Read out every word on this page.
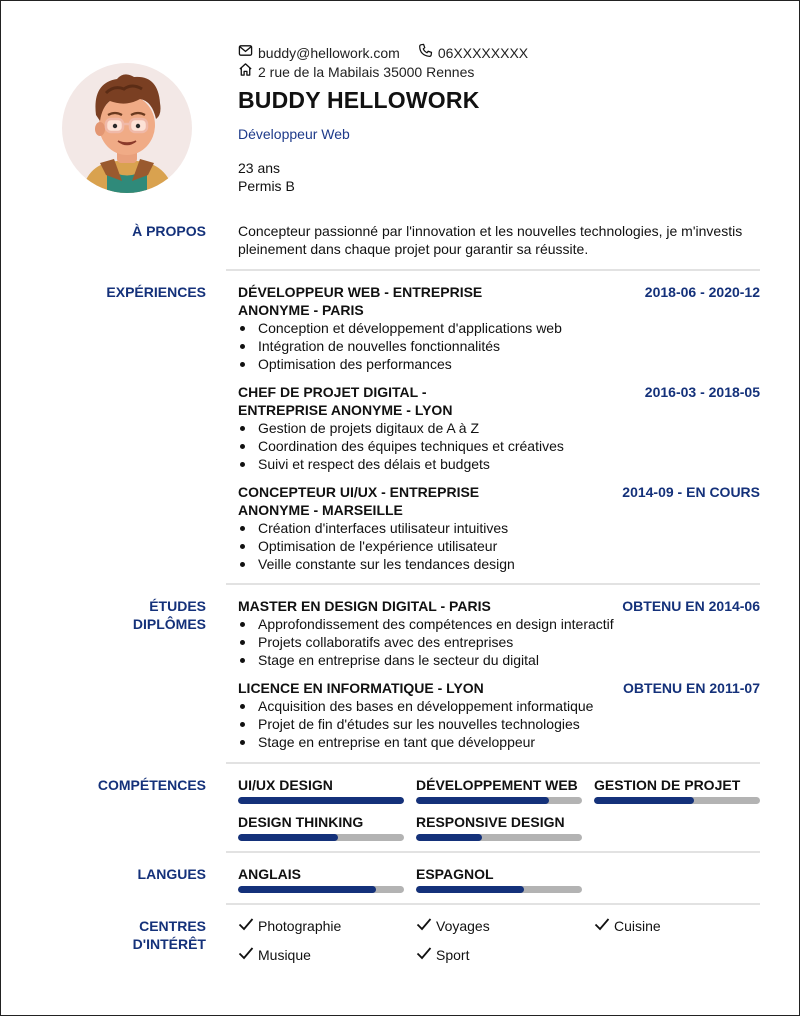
buddy@hellowork.com	06XXXXXXXX
2 rue de la Mabilais 35000 Rennes
BUDDY HELLOWORK
Développeur Web
23 ans
Permis B
À PROPOS Concepteur passionné par l'innovation et les nouvelles technologies, je m'investis pleinement dans chaque projet pour garantir sa réussite.
EXPÉRIENCES DÉVELOPPEUR WEB - ENTREPRISE ANONYME - PARIS
2018-06 - 2020-12
Conception et développement d'applications web
Intégration de nouvelles fonctionnalités
Optimisation des performances
CHEF DE PROJET DIGITAL - ENTREPRISE ANONYME - LYON
2016-03 - 2018-05
Gestion de projets digitaux de A à Z
Coordination des équipes techniques et créatives
Suivi et respect des délais et budgets
CONCEPTEUR UI/UX - ENTREPRISE ANONYME - MARSEILLE
2014-09 - EN COURS
Création d'interfaces utilisateur intuitives
Optimisation de l'expérience utilisateur
Veille constante sur les tendances design
ÉTUDES
DIPLÔMES
MASTER EN DESIGN DIGITAL - PARIS	OBTENU EN 2014-06
Approfondissement des compétences en design interactif
Projets collaboratifs avec des entreprises
Stage en entreprise dans le secteur du digital
LICENCE EN INFORMATIQUE - LYON	OBTENU EN 2011-07
Acquisition des bases en développement informatique
Projet de fin d'études sur les nouvelles technologies
Stage en entreprise en tant que développeur
COMPÉTENCES UI/UX DESIGN	DÉVELOPPEMENT WEB	GESTION DE PROJET
DESIGN THINKING	RESPONSIVE DESIGN
LANGUES ANGLAIS	ESPAGNOL
CENTRES
D'INTÉRÊT
Photographie	Voyages	Cuisine
Musique	Sport
